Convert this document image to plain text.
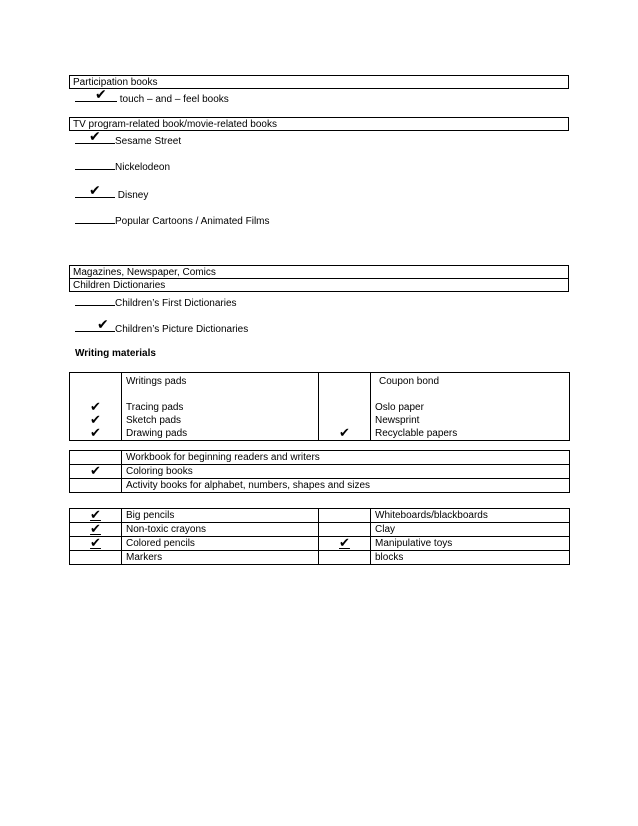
Participation books
✔ touch – and – feel books
TV program-related book/movie-related books
✔ Sesame Street
Nickelodeon
✔ Disney
Popular Cartoons / Animated Films
Magazines, Newspaper, Comics
Children Dictionaries
Children’s First Dictionaries
✔ Children’s Picture Dictionaries
Writing materials
	Writings pads		Coupon bond
✔	Tracing pads		Oslo paper
✔	Sketch pads		Newsprint
✔	Drawing pads	✔	Recyclable papers
	Workbook for beginning readers and writers
✔	Coloring books
	Activity books for alphabet, numbers, shapes and sizes
✔	Big pencils		Whiteboards/blackboards
✔	Non-toxic crayons		Clay
✔	Colored pencils	✔	Manipulative toys
	Markers		blocks
